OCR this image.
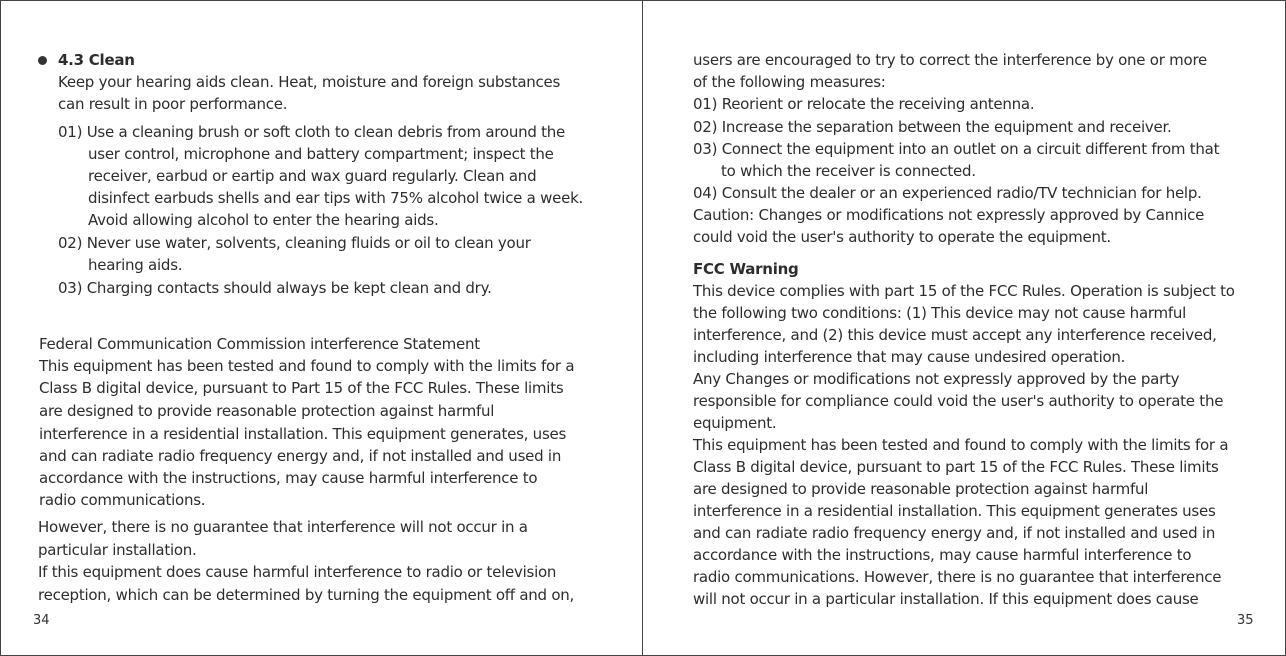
4.3 Clean
Keep your hearing aids clean. Heat, moisture and foreign substances
can result in poor performance.
01) Use a cleaning brush or soft cloth to clean debris from around the
user control, microphone and battery compartment; inspect the
receiver, earbud or eartip and wax guard regularly. Clean and
disinfect earbuds shells and ear tips with 75% alcohol twice a week.
Avoid allowing alcohol to enter the hearing aids.
02) Never use water, solvents, cleaning fluids or oil to clean your
hearing aids.
03) Charging contacts should always be kept clean and dry.
Federal Communication Commission interference Statement
This equipment has been tested and found to comply with the limits for a
Class B digital device, pursuant to Part 15 of the FCC Rules. These limits
are designed to provide reasonable protection against harmful
interference in a residential installation. This equipment generates, uses
and can radiate radio frequency energy and, if not installed and used in
accordance with the instructions, may cause harmful interference to
radio communications.
However, there is no guarantee that interference will not occur in a
particular installation.
If this equipment does cause harmful interference to radio or television
reception, which can be determined by turning the equipment off and on,
34
users are encouraged to try to correct the interference by one or more
of the following measures:
01) Reorient or relocate the receiving antenna.
02) Increase the separation between the equipment and receiver.
03) Connect the equipment into an outlet on a circuit different from that
to which the receiver is connected.
04) Consult the dealer or an experienced radio/TV technician for help.
Caution: Changes or modifications not expressly approved by Cannice
could void the user's authority to operate the equipment.
FCC Warning
This device complies with part 15 of the FCC Rules. Operation is subject to
the following two conditions: (1) This device may not cause harmful
interference, and (2) this device must accept any interference received,
including interference that may cause undesired operation.
Any Changes or modifications not expressly approved by the party
responsible for compliance could void the user's authority to operate the
equipment.
This equipment has been tested and found to comply with the limits for a
Class B digital device, pursuant to part 15 of the FCC Rules. These limits
are designed to provide reasonable protection against harmful
interference in a residential installation. This equipment generates uses
and can radiate radio frequency energy and, if not installed and used in
accordance with the instructions, may cause harmful interference to
radio communications. However, there is no guarantee that interference
will not occur in a particular installation. If this equipment does cause
35
